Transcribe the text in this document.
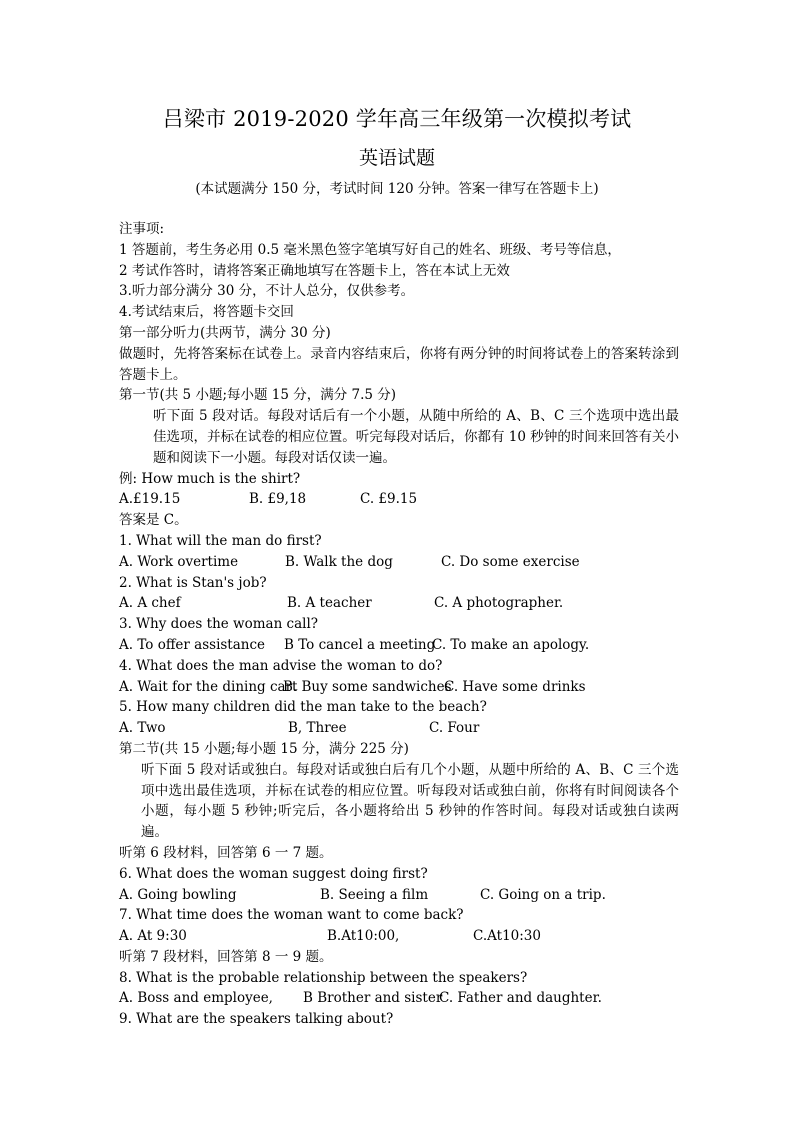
吕梁市 2019-2020 学年高三年级第一次模拟考试
英语试题
(本试题满分 150 分，考试时间 120 分钟。答案一律写在答题卡上)
注事项:
1 答题前，考生务必用 0.5 毫米黑色签字笔填写好自己的姓名、班级、考号等信息，
2 考试作答时，请将答案正确地填写在答题卡上，答在本试上无效
3.听力部分满分 30 分，不计人总分，仅供参考。
4.考试结束后，将答题卡交回
第一部分听力(共两节，满分 30 分)
做题时，先将答案标在试卷上。录音内容结束后，你将有两分钟的时间将试卷上的答案转涂到答题卡上。
第一节(共 5 小题;每小题 15 分，满分 7.5 分)
听下面 5 段对话。每段对话后有一个小题，从随中所给的 A、B、C 三个选项中选出最佳选项，并标在试卷的相应位置。听完每段对话后，你都有 10 秒钟的时间来回答有关小题和阅读下一小题。每段对话仅读一遍。
例: How much is the shirt?
A.£19.15	B. £9,18	C. £9.15
答案是 C。
1. What will the man do first?
A. Work overtime	B. Walk the dog	C. Do some exercise
2. What is Stan's job?
A. A chef	B. A teacher	C. A photographer.
3. Why does the woman call?
A. To offer assistance	B To cancel a meeting
C. To make an apology.
4. What does the man advise the woman to do?
A. Wait for the dining cart
B. Buy some sandwiches
C. Have some drinks
5. How many children did the man take to the beach?
A. Two	B, Three	C. Four
第二节(共 15 小题;每小题 15 分，满分 225 分)
听下面 5 段对话或独白。每段对话或独白后有几个小题，从题中所给的 A、B、C 三个选项中选出最佳选项，并标在试卷的相应位置。听每段对话或独白前，你将有时间阅读各个小题，每小题 5 秒钟;听完后，各小题将给出 5 秒钟的作答时间。每段对话或独白读两遍。
听第 6 段材料，回答第 6 一 7 题。
6. What does the woman suggest doing first?
A. Going bowling	B. Seeing a film	C. Going on a trip.
7. What time does the woman want to come back?
A. At 9:30	B.At10:00,	C.At10:30
听第 7 段材料，回答第 8 一 9 题。
8. What is the probable relationship between the speakers?
A. Boss and employee,	B Brother and sister
C. Father and daughter.
9. What are the speakers talking about?
